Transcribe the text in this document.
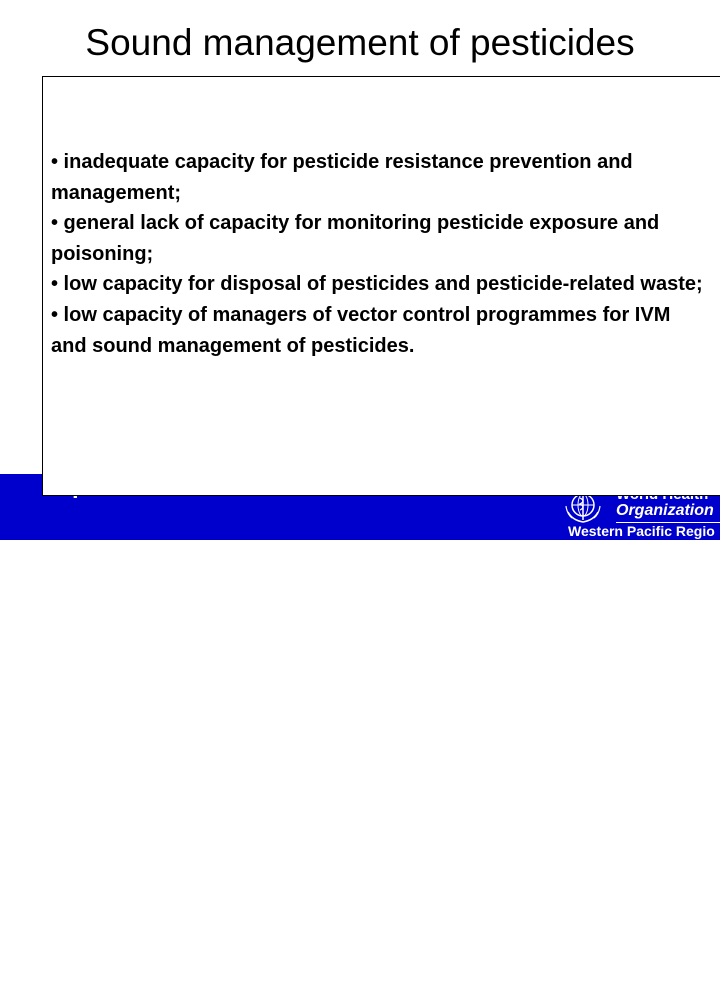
Sound management of pesticides
11
Organization
Western Pacific Regio
• inadequate capacity for pesticide resistance prevention and management;
• general lack of capacity for monitoring pesticide exposure and poisoning;
• low capacity for disposal of pesticides and pesticide-related waste;
• low capacity of managers of vector control programmes for IVM and sound management of pesticides.
